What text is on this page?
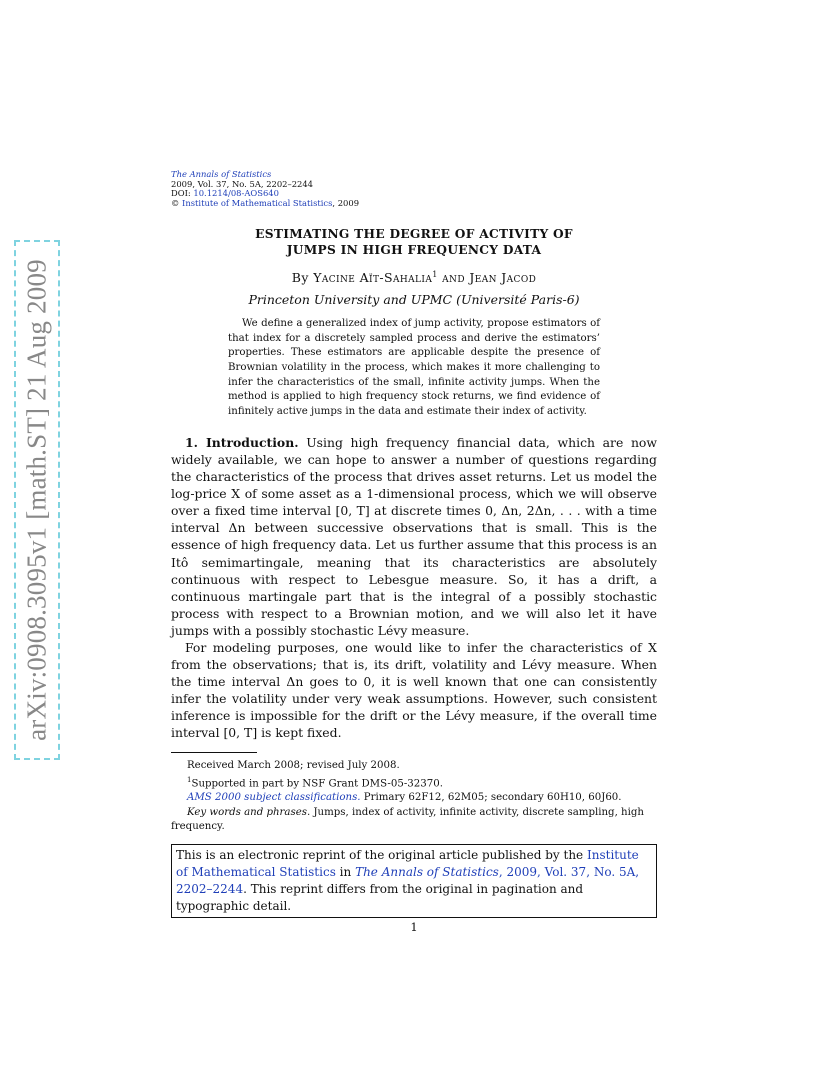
arXiv:0908.3095v1 [math.ST] 21 Aug 2009
The Annals of Statistics
2009, Vol. 37, No. 5A, 2202–2244
DOI: 10.1214/08-AOS640
© Institute of Mathematical Statistics, 2009
ESTIMATING THE DEGREE OF ACTIVITY OF
JUMPS IN HIGH FREQUENCY DATA
By Yacine Aït-Sahalia$^1$ and Jean Jacod
Princeton University and UPMC (Université Paris-6)
We define a generalized index of jump activity, propose estimators of that index for a discretely sampled process and derive the estimators’ properties. These estimators are applicable despite the presence of Brownian volatility in the process, which makes it more challenging to infer the characteristics of the small, infinite activity jumps. When the method is applied to high frequency stock returns, we find evidence of infinitely active jumps in the data and estimate their index of activity.

1. Introduction. Using high frequency financial data, which are now widely available, we can hope to answer a number of questions regarding the characteristics of the process that drives asset returns. Let us model the log-price X of some asset as a 1-dimensional process, which we will observe over a fixed time interval [0, T] at discrete times 0, Δn, 2Δn, . . . with a time interval Δn between successive observations that is small. This is the essence of high frequency data. Let us further assume that this process is an Itô semimartingale, meaning that its characteristics are absolutely continuous with respect to Lebesgue measure. So, it has a drift, a continuous martingale part that is the integral of a possibly stochastic process with respect to a Brownian motion, and we will also let it have jumps with a possibly stochastic Lévy measure.

For modeling purposes, one would like to infer the characteristics of X from the observations; that is, its drift, volatility and Lévy measure. When the time interval Δn goes to 0, it is well known that one can consistently infer the volatility under very weak assumptions. However, such consistent inference is impossible for the drift or the Lévy measure, if the overall time interval [0, T] is kept fixed.

Received March 2008; revised July 2008.

$^1$Supported in part by NSF Grant DMS-05-32370.

AMS 2000 subject classifications. Primary 62F12, 62M05; secondary 60H10, 60J60.

Key words and phrases. Jumps, index of activity, infinite activity, discrete sampling, high frequency.

This is an electronic reprint of the original article published by the Institute of Mathematical Statistics in The Annals of Statistics, 2009, Vol. 37, No. 5A, 2202–2244. This reprint differs from the original in pagination and typographic detail.
1
